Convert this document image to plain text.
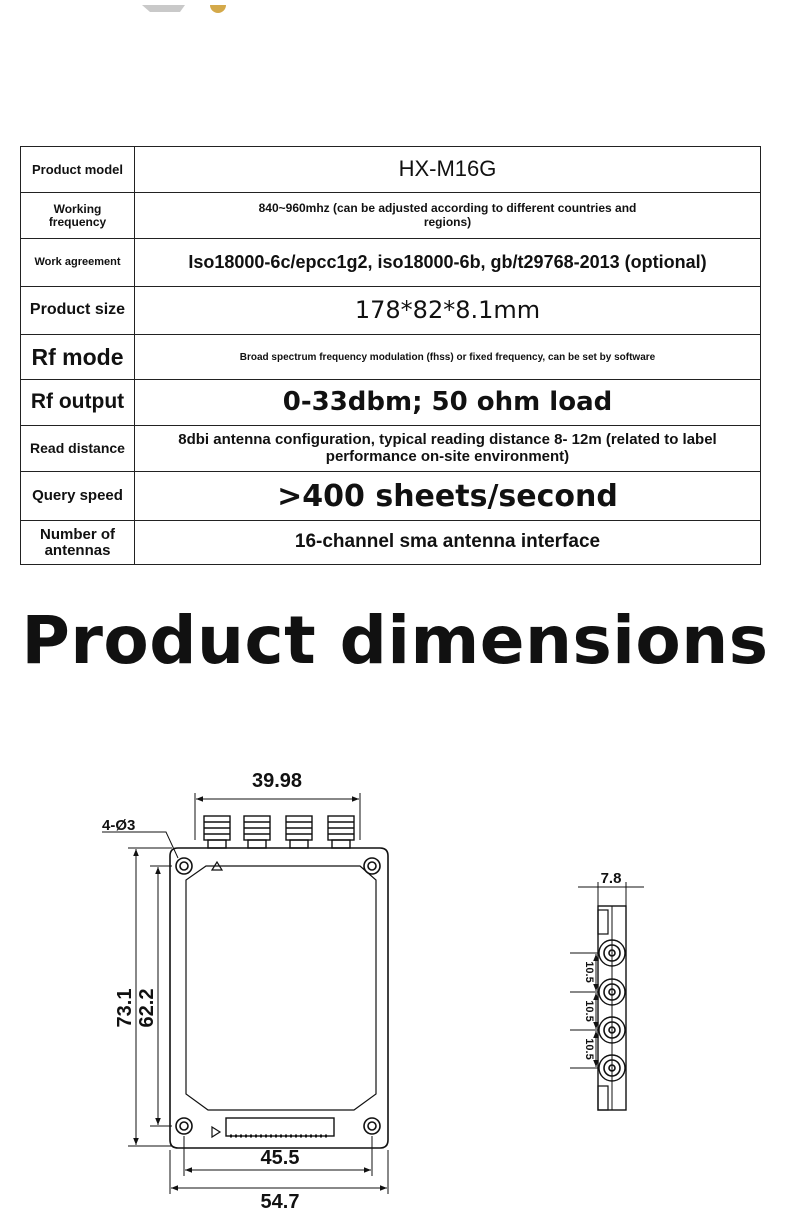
Product model	HX-M16G
Working frequency	840~960mhz (can be adjusted according to different countries and regions)
Work agreement	Iso18000-6c/epcc1g2, iso18000-6b, gb/t29768-2013 (optional)
Product size	178*82*8.1mm
Rf mode	Broad spectrum frequency modulation (fhss) or fixed frequency, can be set by software
Rf output	0-33dbm; 50 ohm load
Read distance	8dbi antenna configuration, typical reading distance 8- 12m (related to label performance on-site environment)
Query speed	>400 sheets/second
Number of antennas	16-channel sma antenna interface
Product dimensions
39.98
4-Ø3
73.1 62.2
45.5
54.7
7.8
10.5
10.5
10.5
